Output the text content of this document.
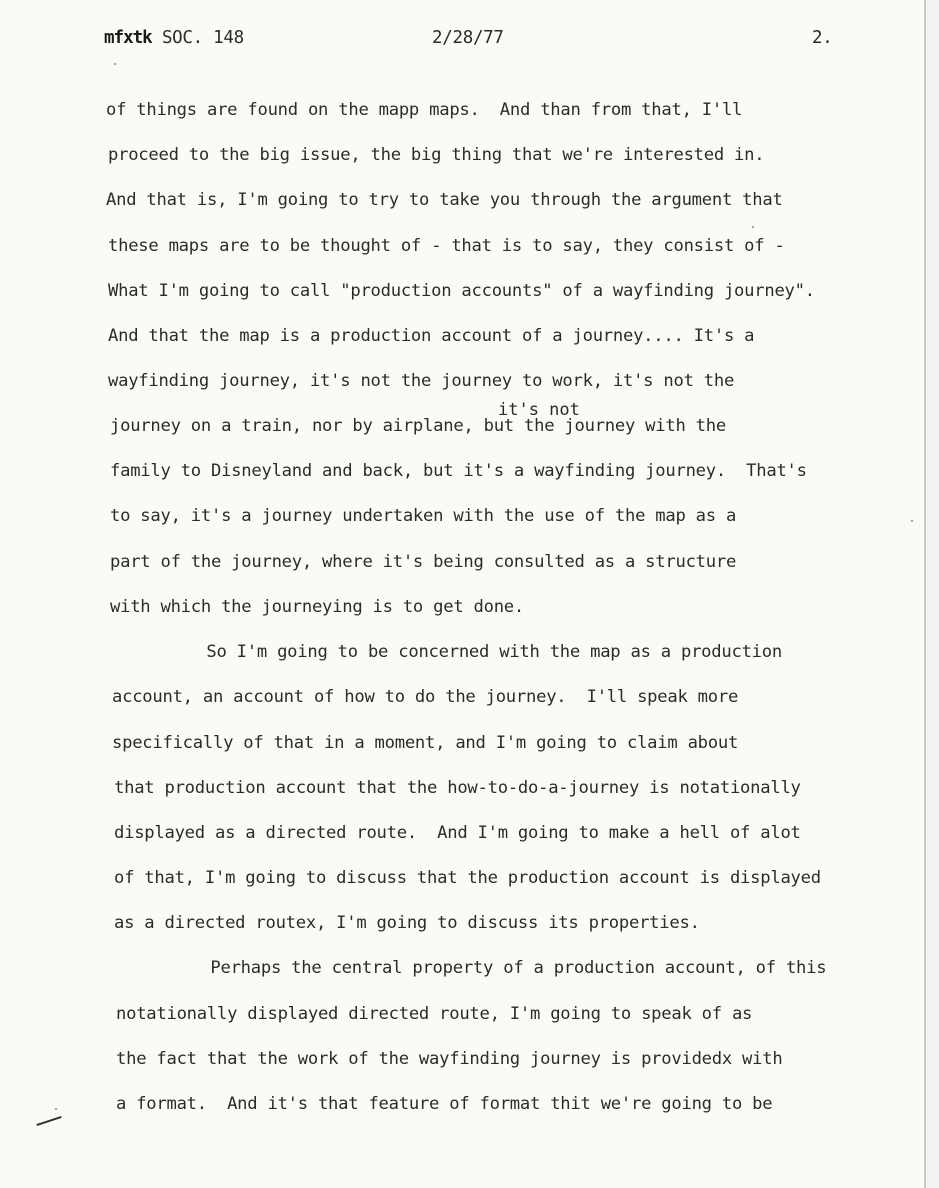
mfxtk SOC. 148	2/28/77	2.
it's not
of things are found on the mapp maps.  And than from that, I'll
proceed to the big issue, the big thing that we're interested in.
And that is, I'm going to try to take you through the argument that
these maps are to be thought of - that is to say, they consist of -
What I'm going to call "production accounts" of a wayfinding journey".
And that the map is a production account of a journey.... It's a
wayfinding journey, it's not the journey to work, it's not the
journey on a train, nor by airplane, but the journey with the
family to Disneyland and back, but it's a wayfinding journey.  That's
to say, it's a journey undertaken with the use of the map as a
part of the journey, where it's being consulted as a structure
with which the journeying is to get done.
So I'm going to be concerned with the map as a production
account, an account of how to do the journey.  I'll speak more
specifically of that in a moment, and I'm going to claim about
that production account that the how-to-do-a-journey is notationally
displayed as a directed route.  And I'm going to make a hell of alot
of that, I'm going to discuss that the production account is displayed
as a directed routex, I'm going to discuss its properties.
Perhaps the central property of a production account, of this
notationally displayed directed route, I'm going to speak of as
the fact that the work of the wayfinding journey is providedx with
a format.  And it's that feature of format thit we're going to be
